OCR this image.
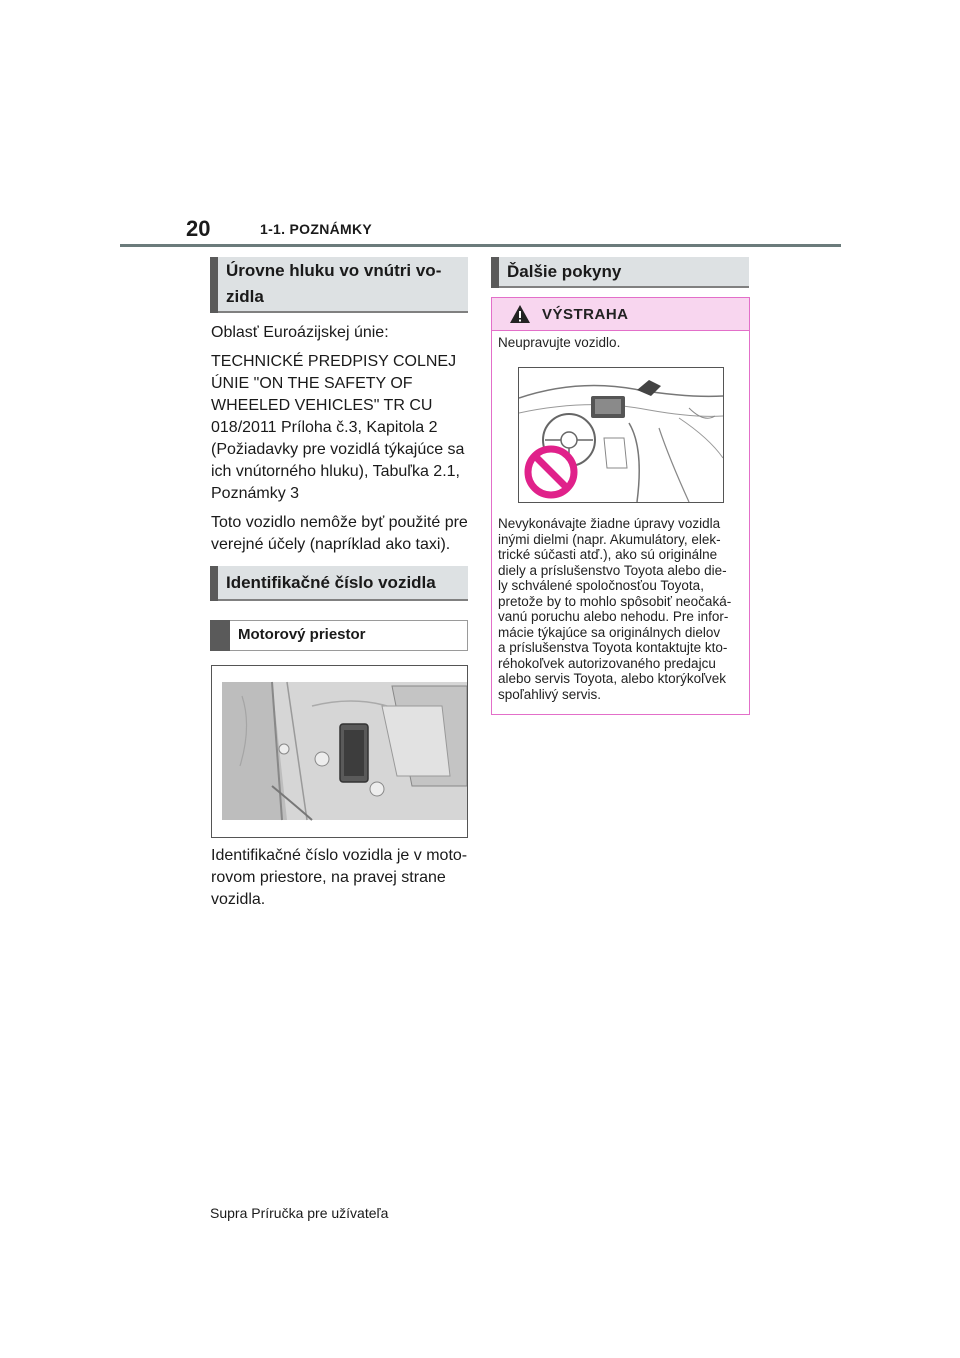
20	1-1. POZNÁMKY
Úrovne hluku vo vnútri vo-
zidla

Oblasť Euroázijskej únie:

TECHNICKÉ PREDPISY COLNEJ
ÚNIE "ON THE SAFETY OF
WHEELED VEHICLES" TR CU
018/2011 Príloha č.3, Kapitola 2
(Požiadavky pre vozidlá týkajúce sa
ich vnútorného hluku), Tabuľka 2.1,
Poznámky 3
Toto vozidlo nemôže byť použité pre
verejné účely (napríklad ako taxi).
Identifikačné číslo vozidla
Motorový priestor
Identifikačné číslo vozidla je v moto-
rovom priestore, na pravej strane
vozidla.
Ďalšie pokyny
VÝSTRAHA
Neupravujte vozidlo.
Nevykonávajte žiadne úpravy vozidla
inými dielmi (napr. Akumulátory, elek-
trické súčasti atď.), ako sú originálne
diely a príslušenstvo Toyota alebo die-
ly schválené spoločnosťou Toyota,
pretože by to mohlo spôsobiť neočaká-
vanú poruchu alebo nehodu. Pre infor-
mácie týkajúce sa originálnych dielov
a príslušenstva Toyota kontaktujte kto-
réhokoľvek autorizovaného predajcu
alebo servis Toyota, alebo ktorýkoľvek
spoľahlivý servis.
Supra Príručka pre užívateľa
